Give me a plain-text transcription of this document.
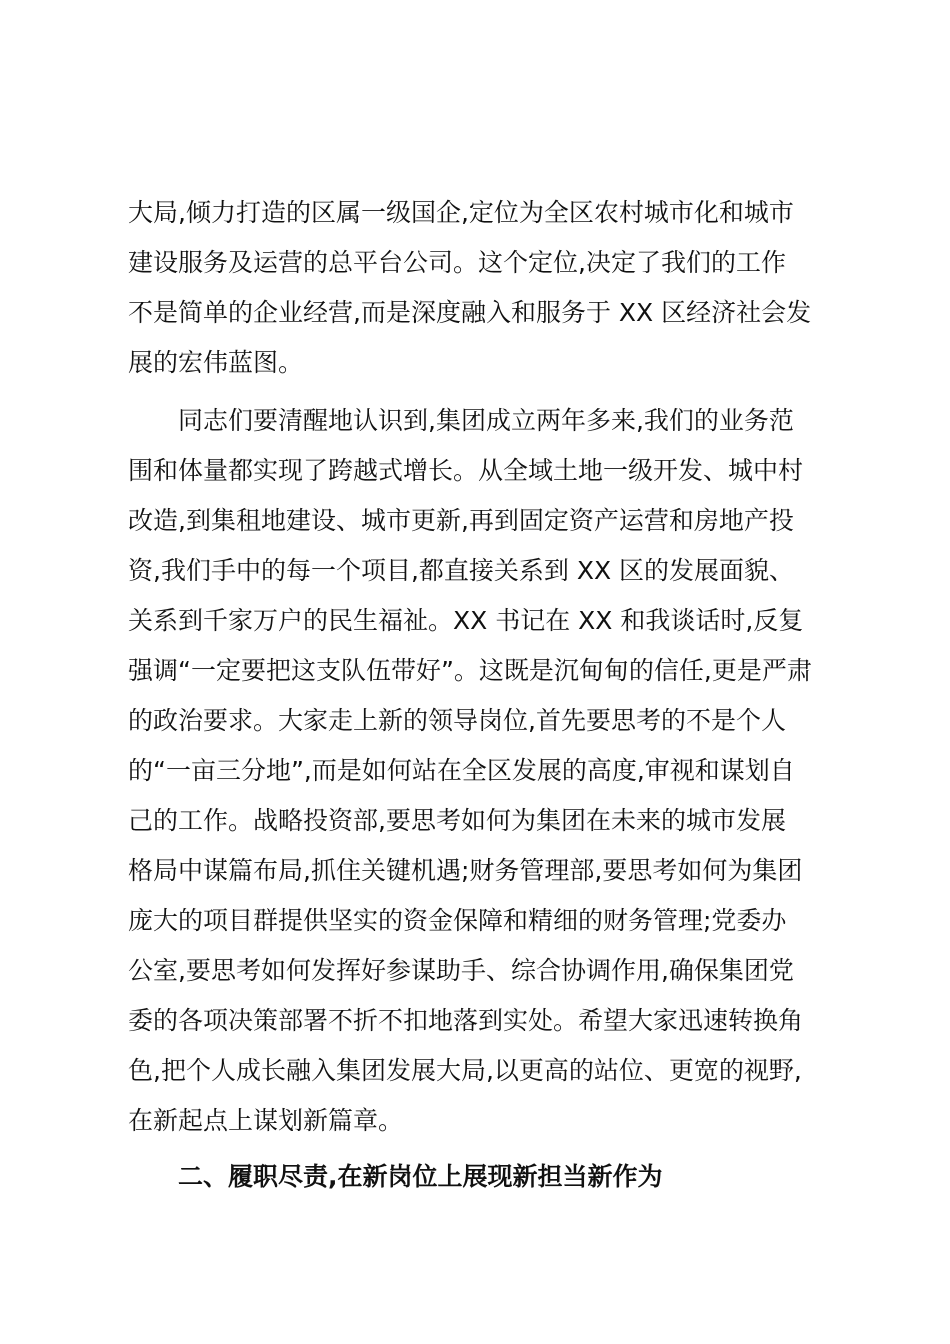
大局,倾力打造的区属一级国企,定位为全区农村城市化和城市
建设服务及运营的总平台公司。这个定位,决定了我们的工作
不是简单的企业经营,而是深度融入和服务于 XX 区经济社会发
展的宏伟蓝图。
同志们要清醒地认识到,集团成立两年多来,我们的业务范
围和体量都实现了跨越式增长。从全域土地一级开发、城中村
改造,到集租地建设、城市更新,再到固定资产运营和房地产投
资,我们手中的每一个项目,都直接关系到 XX 区的发展面貌、
关系到千家万户的民生福祉。XX 书记在 XX 和我谈话时,反复
强调“一定要把这支队伍带好”。这既是沉甸甸的信任,更是严肃
的政治要求。大家走上新的领导岗位,首先要思考的不是个人
的“一亩三分地”,而是如何站在全区发展的高度,审视和谋划自
己的工作。战略投资部,要思考如何为集团在未来的城市发展
格局中谋篇布局,抓住关键机遇;财务管理部,要思考如何为集团
庞大的项目群提供坚实的资金保障和精细的财务管理;党委办
公室,要思考如何发挥好参谋助手、综合协调作用,确保集团党
委的各项决策部署不折不扣地落到实处。希望大家迅速转换角
色,把个人成长融入集团发展大局,以更高的站位、更宽的视野,
在新起点上谋划新篇章。
二、履职尽责,在新岗位上展现新担当新作为
